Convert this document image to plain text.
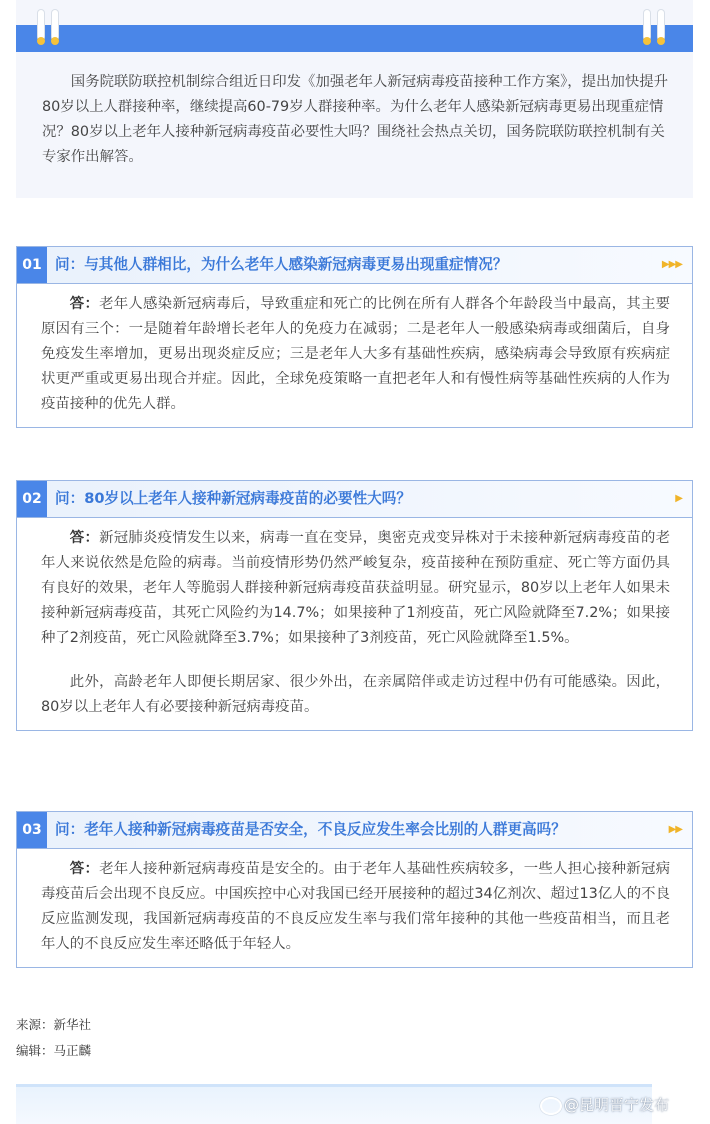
国务院联防联控机制综合组近日印发《加强老年人新冠病毒疫苗接种工作方案》，提出加快提升80岁以上人群接种率，继续提高60-79岁人群接种率。为什么老年人感染新冠病毒更易出现重症情况？80岁以上老年人接种新冠病毒疫苗必要性大吗？围绕社会热点关切，国务院联防联控机制有关专家作出解答。

01 问：与其他人群相比，为什么老年人感染新冠病毒更易出现重症情况？	▶▶▶

答：老年人感染新冠病毒后，导致重症和死亡的比例在所有人群各个年龄段当中最高，其主要原因有三个：一是随着年龄增长老年人的免疫力在减弱；二是老年人一般感染病毒或细菌后，自身免疫发生率增加，更易出现炎症反应；三是老年人大多有基础性疾病，感染病毒会导致原有疾病症状更严重或更易出现合并症。因此，全球免疫策略一直把老年人和有慢性病等基础性疾病的人作为疫苗接种的优先人群。

02 问：80岁以上老年人接种新冠病毒疫苗的必要性大吗？	▶

答：新冠肺炎疫情发生以来，病毒一直在变异，奥密克戎变异株对于未接种新冠病毒疫苗的老年人来说依然是危险的病毒。当前疫情形势仍然严峻复杂，疫苗接种在预防重症、死亡等方面仍具有良好的效果，老年人等脆弱人群接种新冠病毒疫苗获益明显。研究显示，80岁以上老年人如果未接种新冠病毒疫苗，其死亡风险约为14.7%；如果接种了1剂疫苗，死亡风险就降至7.2%；如果接种了2剂疫苗，死亡风险就降至3.7%；如果接种了3剂疫苗，死亡风险就降至1.5%。

此外，高龄老年人即便长期居家、很少外出，在亲属陪伴或走访过程中仍有可能感染。因此，80岁以上老年人有必要接种新冠病毒疫苗。

03 问：老年人接种新冠病毒疫苗是否安全，不良反应发生率会比别的人群更高吗？	▶▶

答：老年人接种新冠病毒疫苗是安全的。由于老年人基础性疾病较多，一些人担心接种新冠病毒疫苗后会出现不良反应。中国疾控中心对我国已经开展接种的超过34亿剂次、超过13亿人的不良反应监测发现，我国新冠病毒疫苗的不良反应发生率与我们常年接种的其他一些疫苗相当，而且老年人的不良反应发生率还略低于年轻人。

来源：新华社
编辑：马正麟
@昆明晋宁发布
